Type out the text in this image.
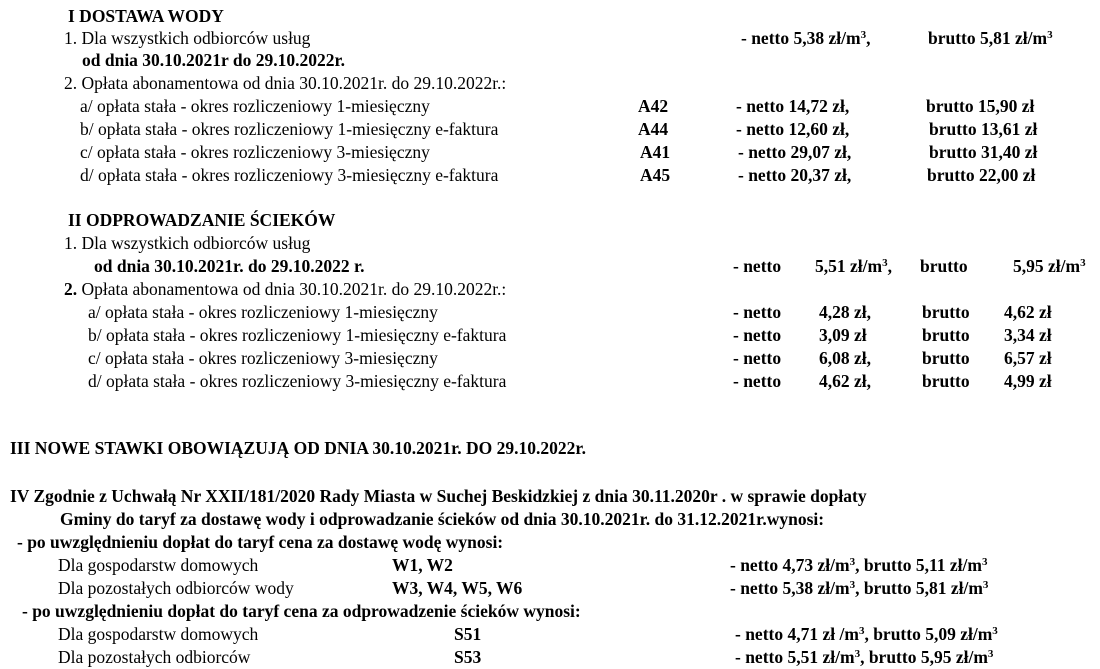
I DOSTAWA WODY
1. Dla wszystkich odbiorców usług	- netto 5,38 $zł/m^3$,	brutto 5,81 $zł/m^3$
od dnia 30.10.2021r do 29.10.2022r.
2. Opłata abonamentowa od dnia 30.10.2021r. do 29.10.2022r.:
a/ opłata stała - okres rozliczeniowy 1-miesięczny	A42	- netto 14,72 zł,	brutto 15,90 zł
b/ opłata stała - okres rozliczeniowy 1-miesięczny e-faktura	A44	- netto 12,60 zł,	brutto 13,61 zł
c/ opłata stała - okres rozliczeniowy 3-miesięczny	A41	- netto 29,07 zł,	brutto 31,40 zł
d/ opłata stała - okres rozliczeniowy 3-miesięczny e-faktura	A45	- netto 20,37 zł,	brutto 22,00 zł
II ODPROWADZANIE ŚCIEKÓW
1. Dla wszystkich odbiorców usług
od dnia 30.10.2021r. do 29.10.2022 r.	- netto 5,51 $zł/m^3$, brutto	5,95 $zł/m^3$
2. Opłata abonamentowa od dnia 30.10.2021r. do 29.10.2022r.:
a/ opłata stała - okres rozliczeniowy 1-miesięczny	- netto 4,28 zł,	brutto 4,62 zł
b/ opłata stała - okres rozliczeniowy 1-miesięczny e-faktura	- netto 3,09 zł	brutto 3,34 zł
c/ opłata stała - okres rozliczeniowy 3-miesięczny	- netto 6,08 zł,	brutto 6,57 zł
d/ opłata stała - okres rozliczeniowy 3-miesięczny e-faktura	- netto 4,62 zł,	brutto 4,99 zł
III NOWE STAWKI OBOWIĄZUJĄ OD DNIA 30.10.2021r. DO 29.10.2022r.
IV Zgodnie z Uchwałą Nr XXII/181/2020 Rady Miasta w Suchej Beskidzkiej z dnia 30.11.2020r . w sprawie dopłaty
Gminy do taryf za dostawę wody i odprowadzanie ścieków od dnia 30.10.2021r. do 31.12.2021r.wynosi:
- po uwzględnieniu dopłat do taryf cena za dostawę wodę wynosi:
Dla gospodarstw domowych	W1, W2	- netto 4,73 $zł/m^3$, brutto 5,11 $zł/m^3$
Dla pozostałych odbiorców wody	W3, W4, W5, W6	- netto 5,38 $zł/m^3$, brutto 5,81 $zł/m^3$
- po uwzględnieniu dopłat do taryf cena za odprowadzenie ścieków wynosi:
Dla gospodarstw domowych	S51	- netto 4,71 zł $/m^3$, brutto 5,09 $zł/m^3$
Dla pozostałych odbiorców	S53	- netto 5,51 $zł/m^3$, brutto 5,95 $zł/m^3$
